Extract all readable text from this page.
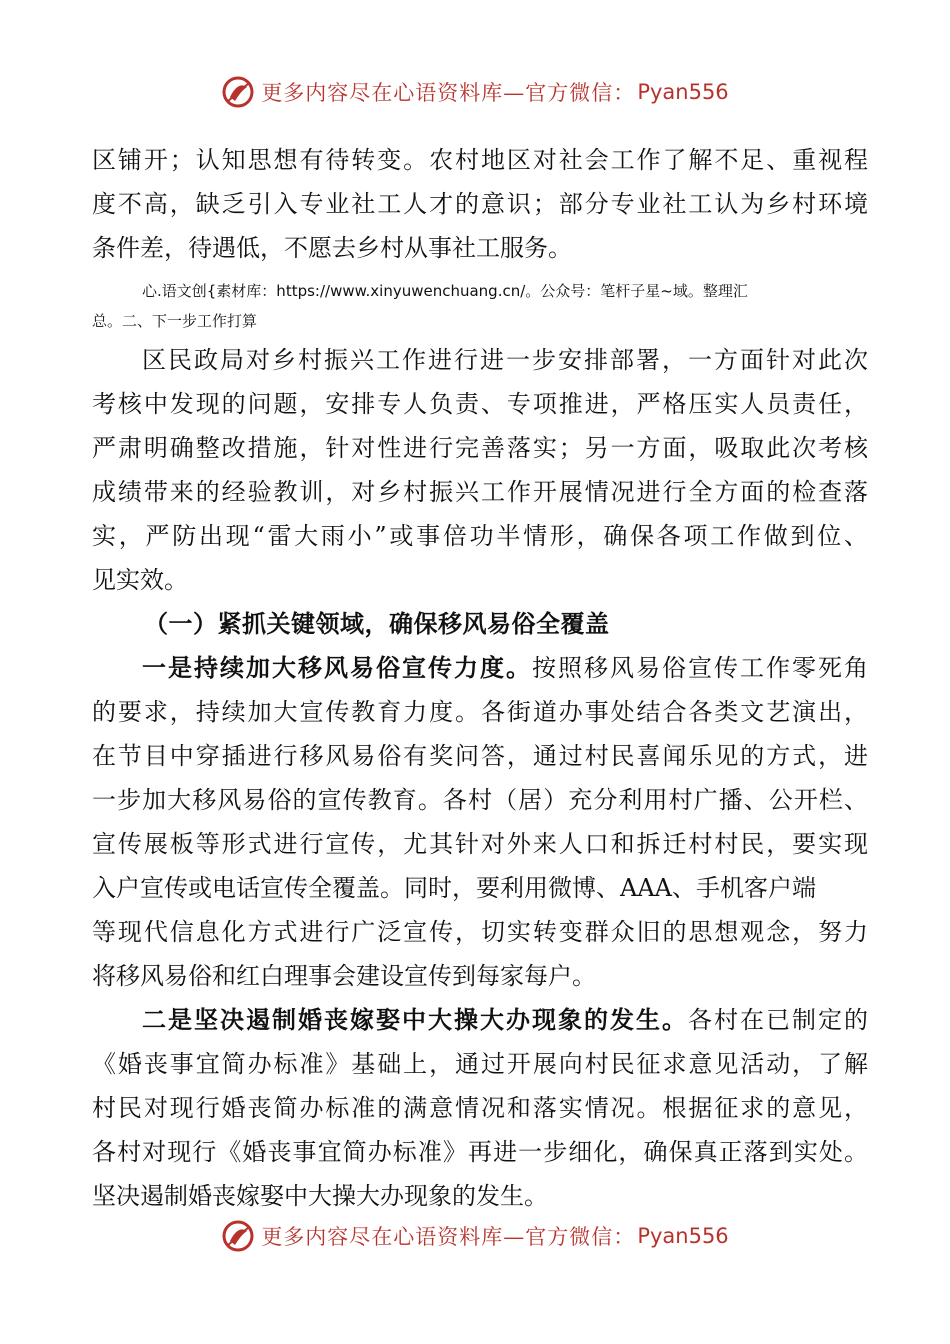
更多内容尽在心语资料库—官方微信： Pyan556
区铺开；认知思想有待转变。农村地区对社会工作了解不足、重视程
度不高，缺乏引入专业社工人才的意识；部分专业社工认为乡村环境
条件差，待遇低，不愿去乡村从事社工服务。
心.语文创{素材库：https://www.xinyuwenchuang.cn/。公众号：笔杆子星~域。整理汇
总。二、下一步工作打算
区民政局对乡村振兴工作进行进一步安排部署，一方面针对此次
考核中发现的问题，安排专人负责、专项推进，严格压实人员责任，
严肃明确整改措施，针对性进行完善落实；另一方面，吸取此次考核
成绩带来的经验教训，对乡村振兴工作开展情况进行全方面的检查落
实，严防出现“雷大雨小”或事倍功半情形，确保各项工作做到位、
见实效。
（一）紧抓关键领域，确保移风易俗全覆盖
一是持续加大移风易俗宣传力度。按照移风易俗宣传工作零死角
的要求，持续加大宣传教育力度。各街道办事处结合各类文艺演出，
在节目中穿插进行移风易俗有奖问答，通过村民喜闻乐见的方式，进
一步加大移风易俗的宣传教育。各村（居）充分利用村广播、公开栏、
宣传展板等形式进行宣传，尤其针对外来人口和拆迁村村民，要实现
入户宣传或电话宣传全覆盖。同时，要利用微博、AAA、手机客户端
等现代信息化方式进行广泛宣传，切实转变群众旧的思想观念，努力
将移风易俗和红白理事会建设宣传到每家每户。
二是坚决遏制婚丧嫁娶中大操大办现象的发生。各村在已制定的
《婚丧事宜简办标准》基础上，通过开展向村民征求意见活动，了解
村民对现行婚丧简办标准的满意情况和落实情况。根据征求的意见，
各村对现行《婚丧事宜简办标准》再进一步细化，确保真正落到实处。
坚决遏制婚丧嫁娶中大操大办现象的发生。
更多内容尽在心语资料库—官方微信： Pyan556
